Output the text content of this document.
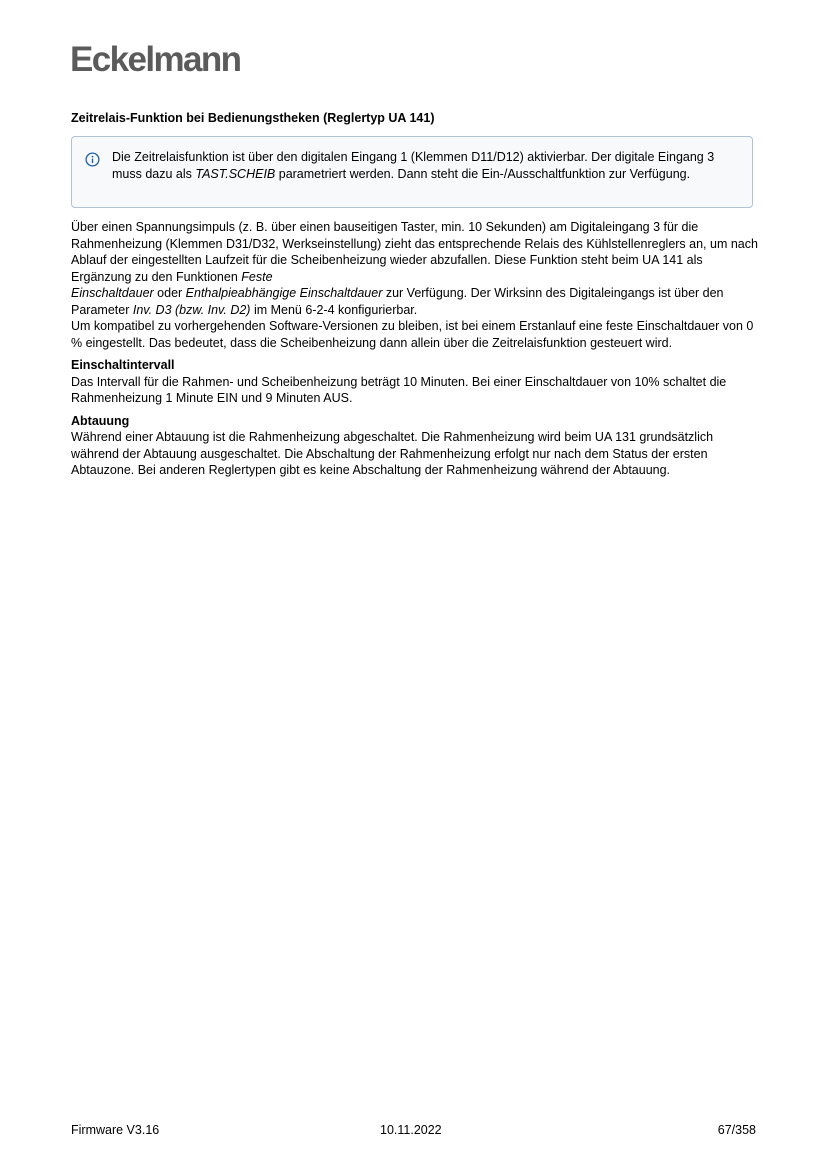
Eckelmann
Zeitrelais-Funktion bei Bedienungstheken (Reglertyp UA 141)
Die Zeitrelaisfunktion ist über den digitalen Eingang 1 (Klemmen D11/D12) aktivierbar. Der digitale Eingang 3 muss dazu als TAST.SCHEIB parametriert werden. Dann steht die Ein-/Ausschaltfunktion zur Verfügung.

Über einen Spannungsimpuls (z. B. über einen bauseitigen Taster, min. 10 Sekunden) am Digitaleingang 3 für die Rahmenheizung (Klemmen D31/D32, Werkseinstellung) zieht das entsprechende Relais des Kühlstellenreglers an, um nach Ablauf der eingestellten Laufzeit für die Scheibenheizung wieder abzufallen. Diese Funktion steht beim UA 141 als Ergänzung zu den Funktionen Feste
Einschaltdauer oder Enthalpieabhängige Einschaltdauer zur Verfügung. Der Wirksinn des Digitaleingangs ist über den Parameter Inv. D3 (bzw. Inv. D2) im Menü 6-2-4 konfigurierbar.

Um kompatibel zu vorhergehenden Software-Versionen zu bleiben, ist bei einem Erstanlauf eine feste Einschaltdauer von 0 % eingestellt. Das bedeutet, dass die Scheibenheizung dann allein über die Zeitrelaisfunktion gesteuert wird.

Einschaltintervall

Das Intervall für die Rahmen- und Scheibenheizung beträgt 10 Minuten. Bei einer Einschaltdauer von 10% schaltet die Rahmenheizung 1 Minute EIN und 9 Minuten AUS.

Abtauung

Während einer Abtauung ist die Rahmenheizung abgeschaltet. Die Rahmenheizung wird beim UA 131 grundsätzlich während der Abtauung ausgeschaltet. Die Abschaltung der Rahmenheizung erfolgt nur nach dem Status der ersten Abtauzone. Bei anderen Reglertypen gibt es keine Abschaltung der Rahmenheizung während der Abtauung.

Firmware V3.16	10.11.2022	67/358
